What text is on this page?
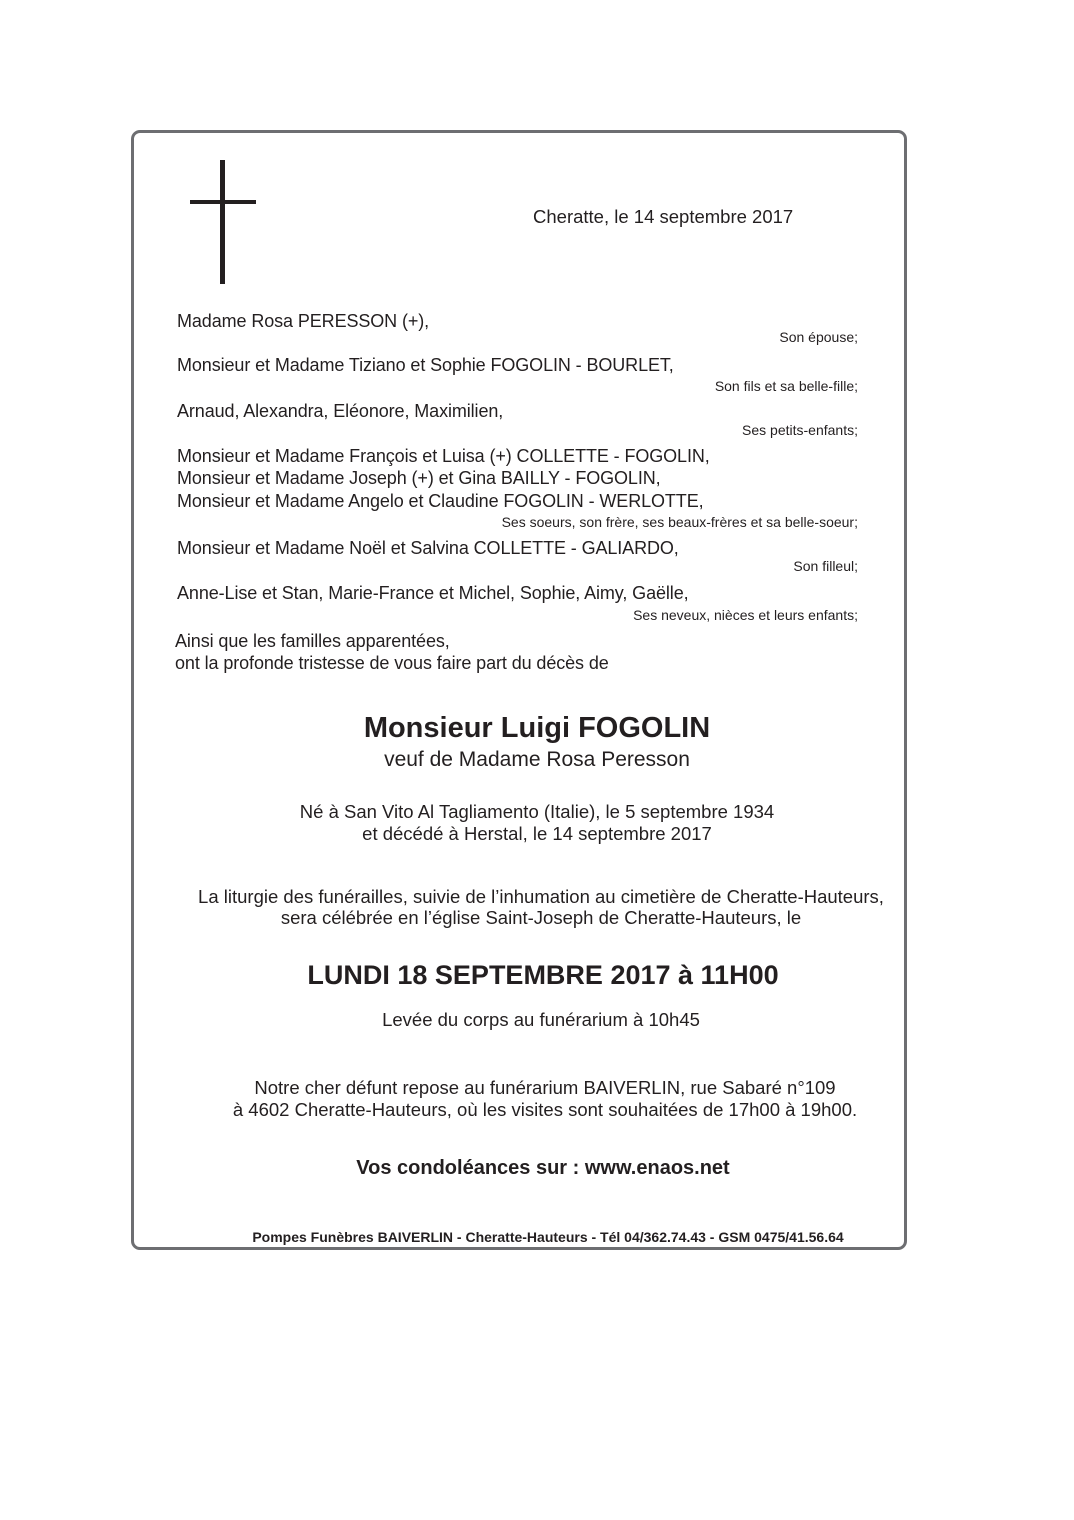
Cheratte, le 14 septembre 2017
Madame Rosa PERESSON (+),
Son épouse;
Monsieur et Madame Tiziano et Sophie FOGOLIN - BOURLET,
Son fils et sa belle-fille;
Arnaud, Alexandra, Eléonore, Maximilien,
Ses petits-enfants;
Monsieur et Madame François et Luisa (+) COLLETTE - FOGOLIN,
Monsieur et Madame Joseph (+) et Gina BAILLY - FOGOLIN,
Monsieur et Madame Angelo et Claudine FOGOLIN - WERLOTTE,
Ses soeurs, son frère, ses beaux-frères et sa belle-soeur;
Monsieur et Madame Noël et Salvina COLLETTE - GALIARDO,
Son filleul;
Anne-Lise et Stan, Marie-France et Michel, Sophie, Aimy, Gaëlle,
Ses neveux, nièces et leurs enfants;
Ainsi que les familles apparentées,
ont la profonde tristesse de vous faire part du décès de
Monsieur Luigi FOGOLIN
veuf de Madame Rosa Peresson
Né à San Vito Al Tagliamento (Italie), le 5 septembre 1934
et décédé à Herstal, le 14 septembre 2017
La liturgie des funérailles, suivie de l’inhumation au cimetière de Cheratte-Hauteurs,
sera célébrée en l’église Saint-Joseph de Cheratte-Hauteurs, le
LUNDI 18 SEPTEMBRE 2017 à 11H00
Levée du corps au funérarium à 10h45
Notre cher défunt repose au funérarium BAIVERLIN, rue Sabaré n°109
à 4602 Cheratte-Hauteurs, où les visites sont souhaitées de 17h00 à 19h00.
Vos condoléances sur : www.enaos.net
Pompes Funèbres BAIVERLIN - Cheratte-Hauteurs - Tél 04/362.74.43 - GSM 0475/41.56.64
